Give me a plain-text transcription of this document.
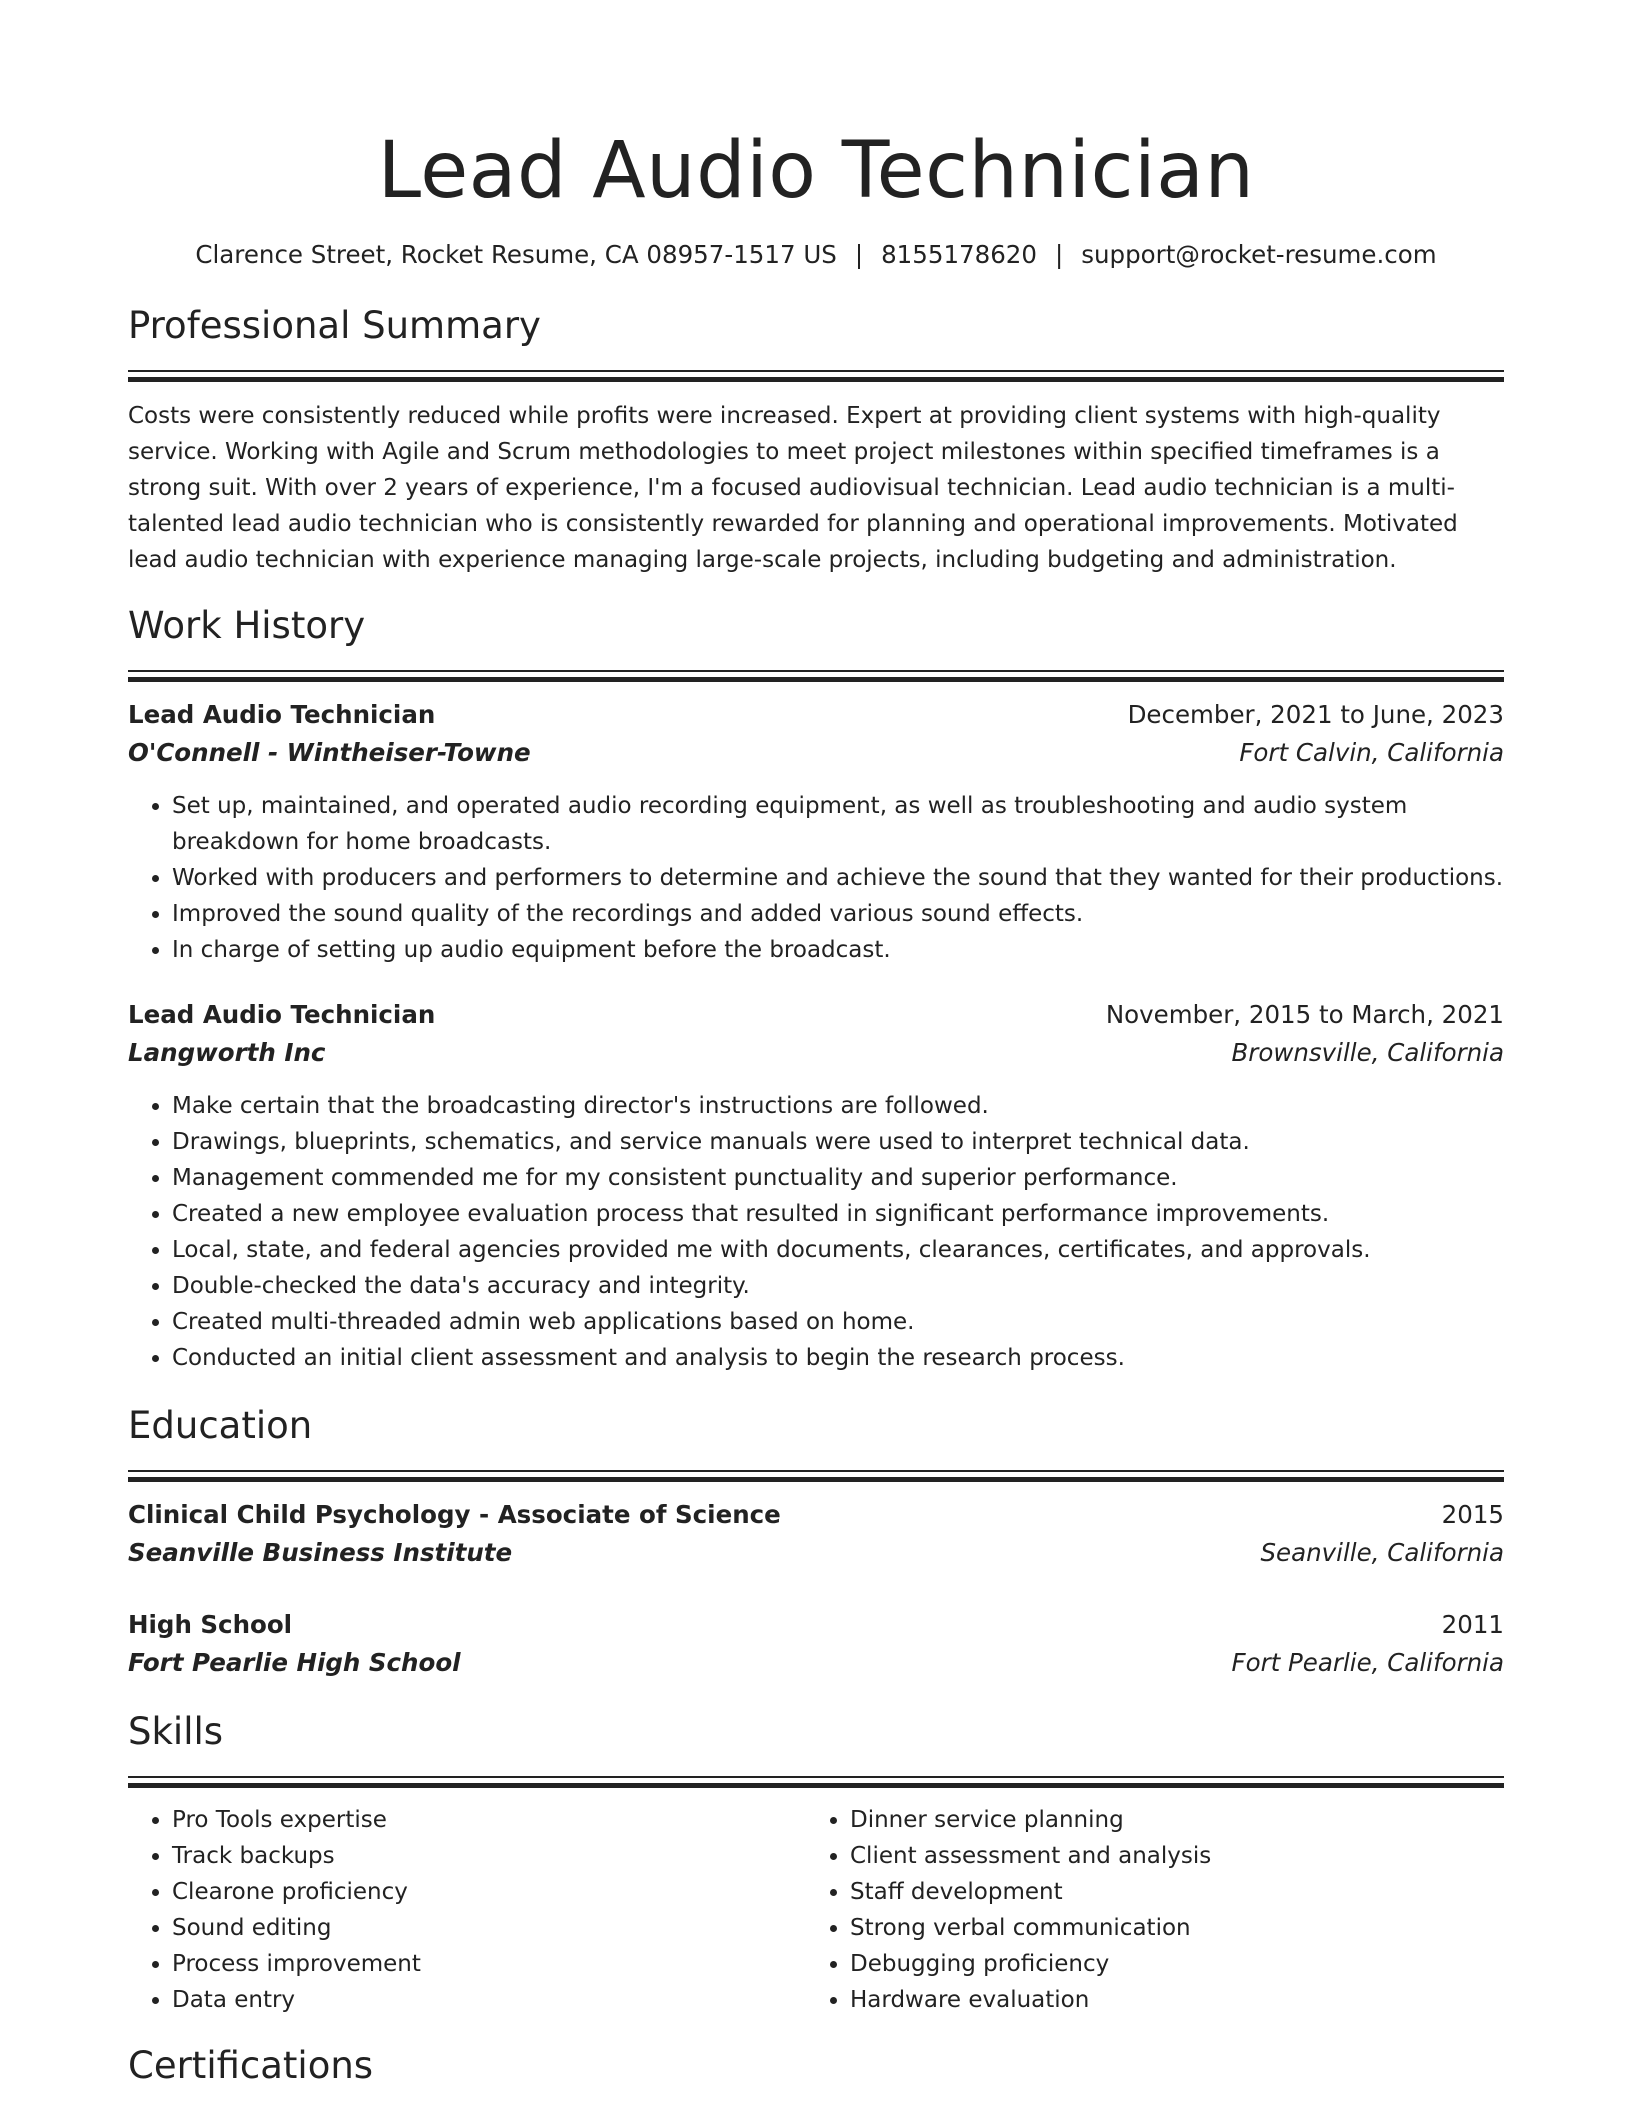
Lead Audio Technician
Clarence Street, Rocket Resume, CA 08957-1517 US | 8155178620 | support@rocket-resume.com
Professional Summary
Costs were consistently reduced while profits were increased. Expert at providing client systems with high-quality service. Working with Agile and Scrum methodologies to meet project milestones within specified timeframes is a strong suit. With over 2 years of experience, I'm a focused audiovisual technician. Lead audio technician is a multi-talented lead audio technician who is consistently rewarded for planning and operational improvements. Motivated lead audio technician with experience managing large-scale projects, including budgeting and administration.
Work History
Lead Audio Technician	December, 2021 to June, 2023
O'Connell - Wintheiser-Towne	Fort Calvin, California
• Set up, maintained, and operated audio recording equipment, as well as troubleshooting and audio system breakdown for home broadcasts.
• Worked with producers and performers to determine and achieve the sound that they wanted for their productions.
• Improved the sound quality of the recordings and added various sound effects.
• In charge of setting up audio equipment before the broadcast.
Lead Audio Technician	November, 2015 to March, 2021
Langworth Inc	Brownsville, California
• Make certain that the broadcasting director's instructions are followed.
• Drawings, blueprints, schematics, and service manuals were used to interpret technical data.
• Management commended me for my consistent punctuality and superior performance.
• Created a new employee evaluation process that resulted in significant performance improvements.
• Local, state, and federal agencies provided me with documents, clearances, certificates, and approvals.
• Double-checked the data's accuracy and integrity.
• Created multi-threaded admin web applications based on home.
• Conducted an initial client assessment and analysis to begin the research process.
Education
Clinical Child Psychology - Associate of Science	2015
Seanville Business Institute	Seanville, California
High School	2011
Fort Pearlie High School	Fort Pearlie, California
Skills
• Pro Tools expertise
• Track backups
• Clearone proficiency
• Sound editing
• Process improvement
• Data entry
• Dinner service planning
• Client assessment and analysis
• Staff development
• Strong verbal communication
• Debugging proficiency
• Hardware evaluation
Certifications
